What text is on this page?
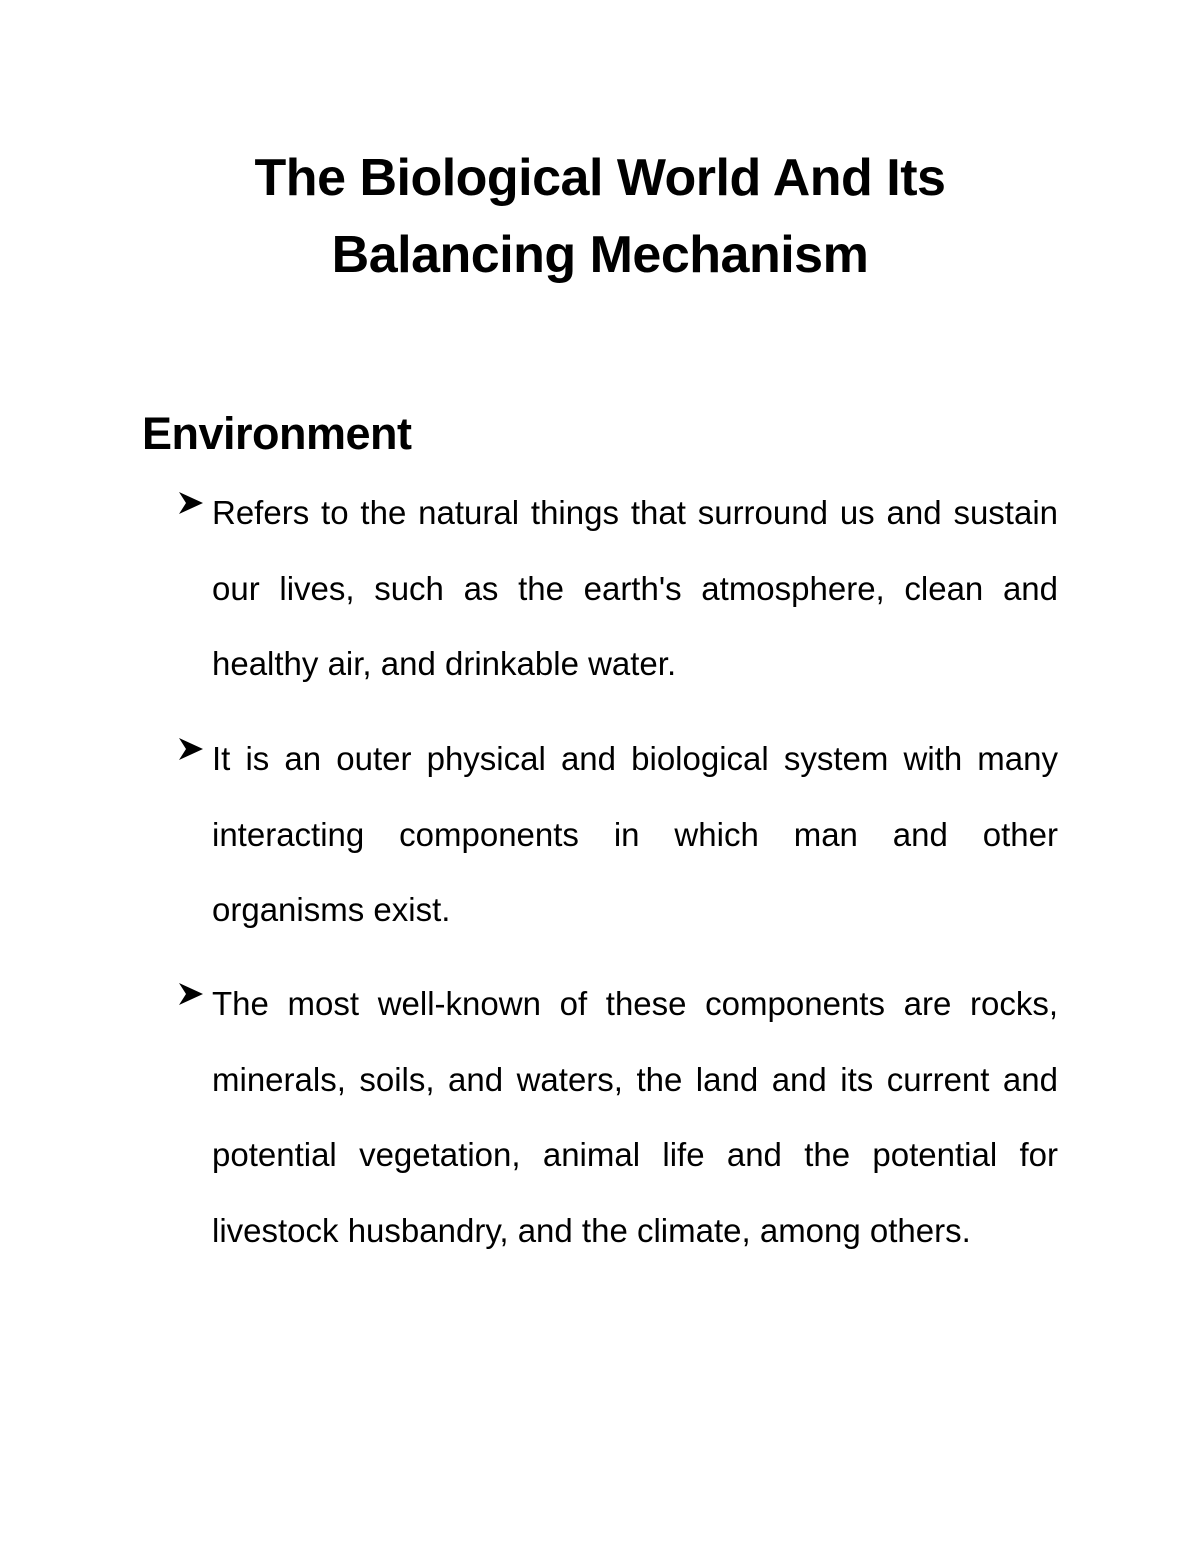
The Biological World And Its
Balancing Mechanism
Environment

Refers to the natural things that surround us and sustain our lives, such as the earth's atmosphere, clean and healthy air, and drinkable water.

It is an outer physical and biological system with many interacting components in which man and other organisms exist.

The most well-known of these components are rocks, minerals, soils, and waters, the land and its current and potential vegetation, animal life and the potential for livestock husbandry, and the climate, among others.
